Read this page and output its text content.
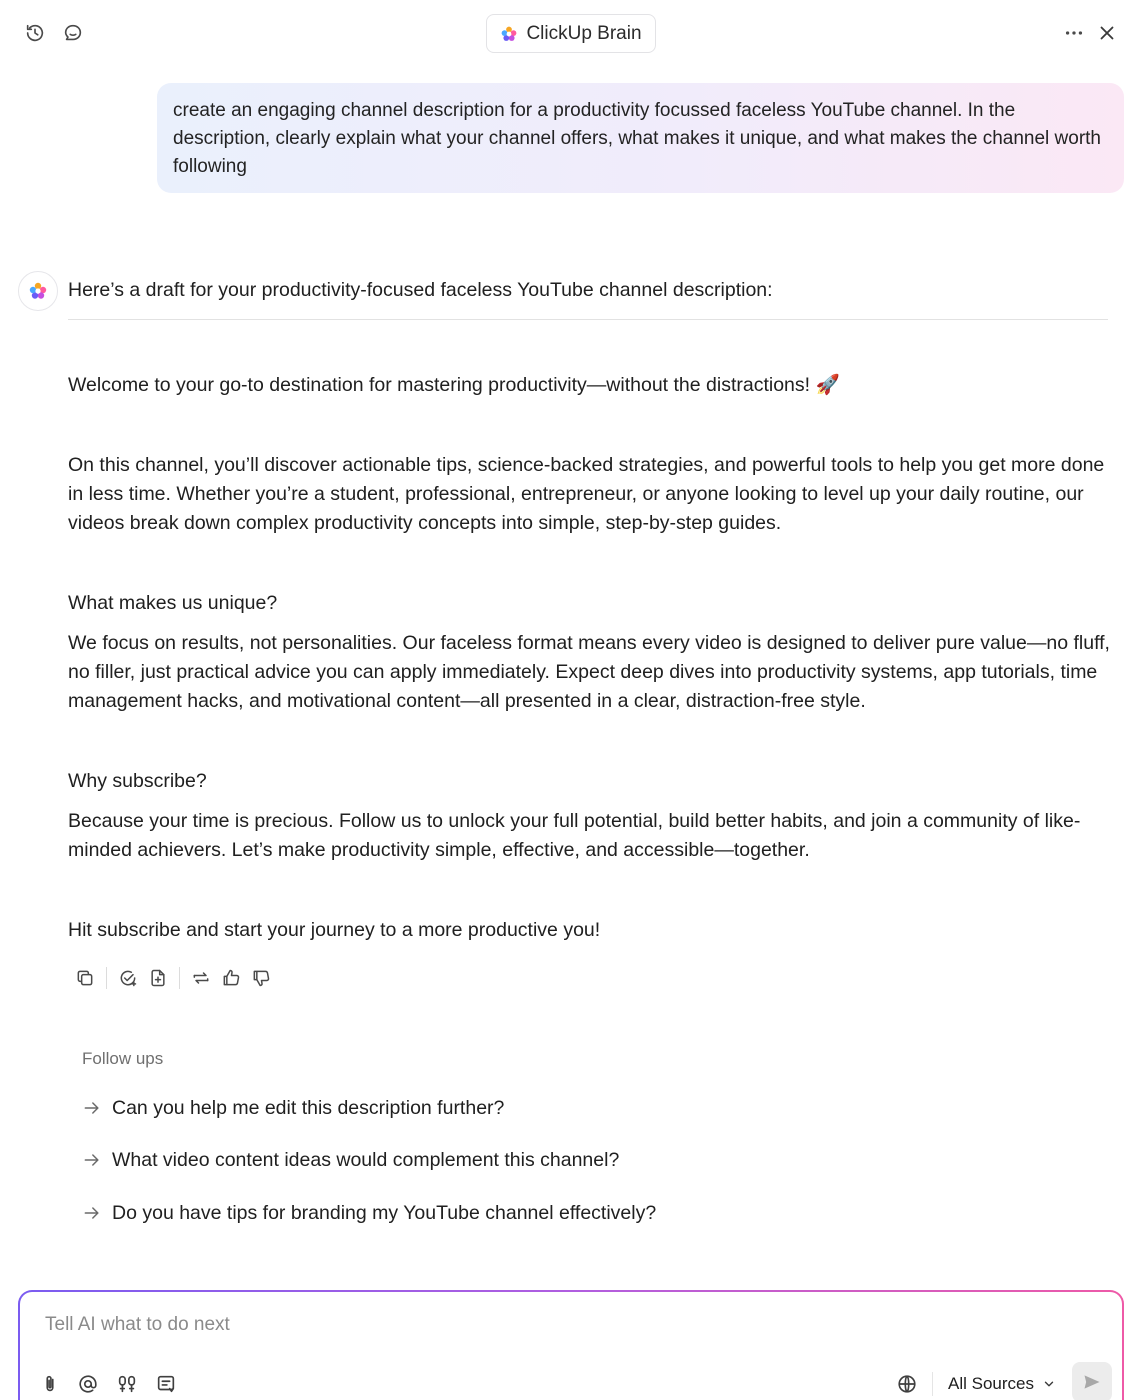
ClickUp Brain
create an engaging channel description for a productivity focussed faceless YouTube channel. In the description, clearly explain what your channel offers, what makes it unique, and what makes the channel worth following
Here’s a draft for your productivity-focused faceless YouTube channel description:
Welcome to your go-to destination for mastering productivity—without the distractions! 🚀
On this channel, you’ll discover actionable tips, science-backed strategies, and powerful tools to help you get more done in less time. Whether you’re a student, professional, entrepreneur, or anyone looking to level up your daily routine, our videos break down complex productivity concepts into simple, step-by-step guides.
What makes us unique?
We focus on results, not personalities. Our faceless format means every video is designed to deliver pure value—no fluff, no filler, just practical advice you can apply immediately. Expect deep dives into productivity systems, app tutorials, time management hacks, and motivational content—all presented in a clear, distraction-free style.
Why subscribe?
Because your time is precious. Follow us to unlock your full potential, build better habits, and join a community of like-minded achievers. Let’s make productivity simple, effective, and accessible—together.
Hit subscribe and start your journey to a more productive you!
Follow ups
Can you help me edit this description further?
What video content ideas would complement this channel?
Do you have tips for branding my YouTube channel effectively?
Tell AI what to do next
All Sources
